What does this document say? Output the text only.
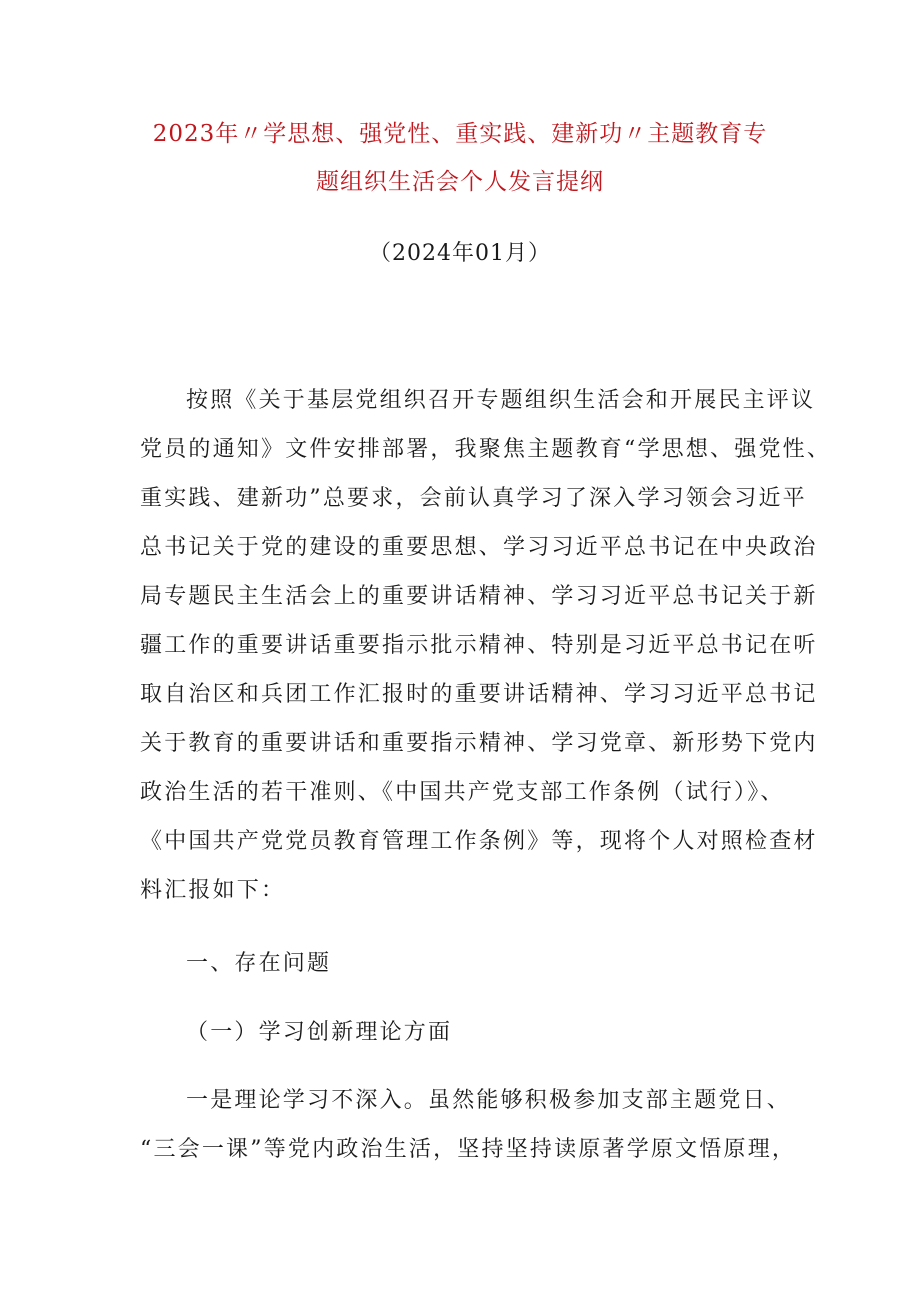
2023年〃学思想、强党性、重实践、建新功〃主题教育专
题组织生活会个人发言提纲

（2024年01月）

按照《关于基层党组织召开专题组织生活会和开展民主评议

党员的通知》文件安排部署，我聚焦主题教育“学思想、强党性、

重实践、建新功”总要求，会前认真学习了深入学习领会习近平

总书记关于党的建设的重要思想、学习习近平总书记在中央政治

局专题民主生活会上的重要讲话精神、学习习近平总书记关于新

疆工作的重要讲话重要指示批示精神、特别是习近平总书记在听

取自治区和兵团工作汇报时的重要讲话精神、学习习近平总书记

关于教育的重要讲话和重要指示精神、学习党章、新形势下党内

政治生活的若干准则、《中国共产党支部工作条例（试行）》、

《中国共产党党员教育管理工作条例》等，现将个人对照检查材

料汇报如下：

一、存在问题
（一）学习创新理论方面

一是理论学习不深入。虽然能够积极参加支部主题党日、

“三会一课”等党内政治生活，坚持坚持读原著学原文悟原理，
